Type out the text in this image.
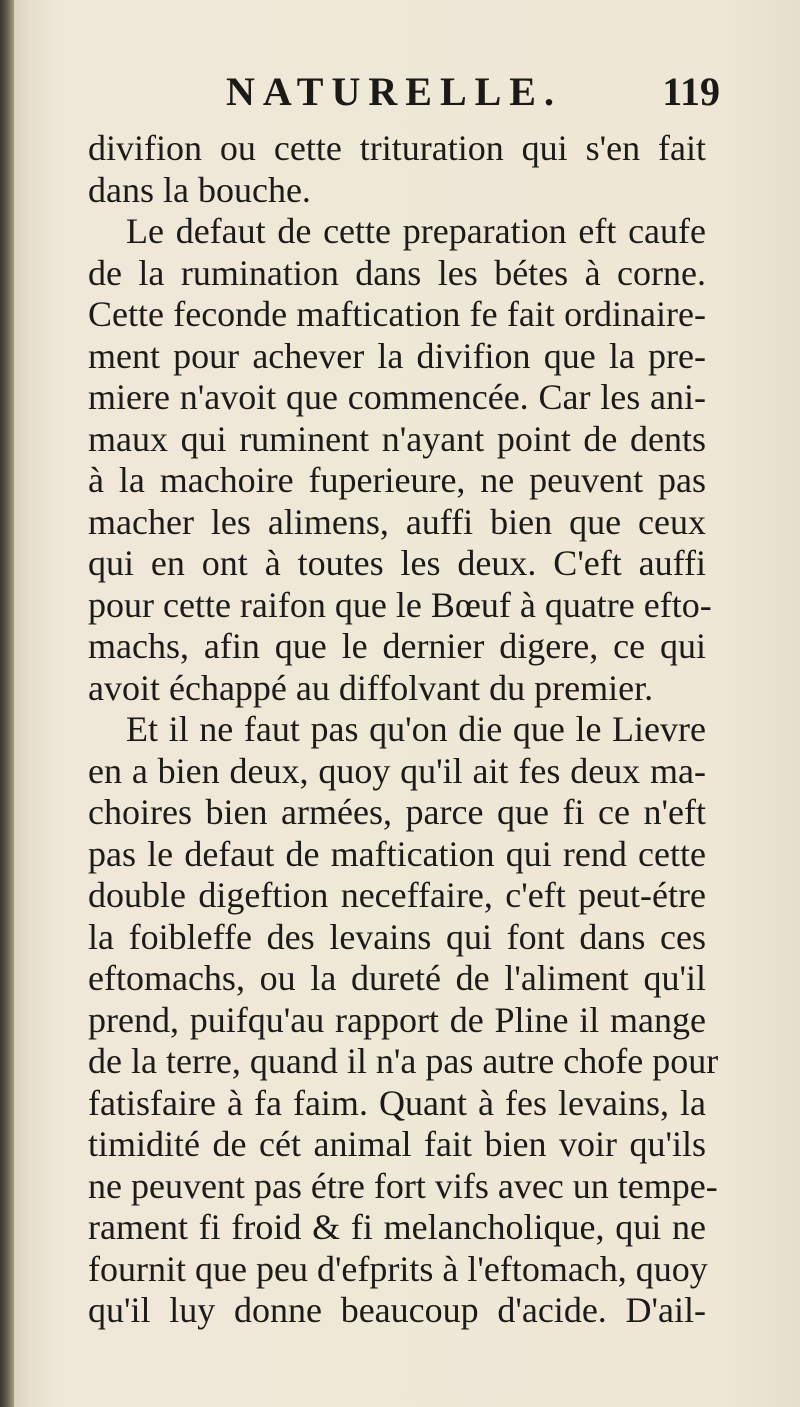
NATURELLE.	119
divifion ou cette trituration qui s'en fait
dans la bouche.
Le defaut de cette preparation eft caufe
de la rumination dans les bétes à corne.
Cette feconde maftication fe fait ordinaire-
ment pour achever la divifion que la pre-
miere n'avoit que commencée. Car les ani-
maux qui ruminent n'ayant point de dents
à la machoire fuperieure, ne peuvent pas
macher les alimens, auffi bien que ceux
qui en ont à toutes les deux. C'eft auffi
pour cette raifon que le Bœuf à quatre efto-
machs, afin que le dernier digere, ce qui
avoit échappé au diffolvant du premier.
Et il ne faut pas qu'on die que le Lievre
en a bien deux, quoy qu'il ait fes deux ma-
choires bien armées, parce que fi ce n'eft
pas le defaut de maftication qui rend cette
double digeftion neceffaire, c'eft peut-étre
la foibleffe des levains qui font dans ces
eftomachs, ou la dureté de l'aliment qu'il
prend, puifqu'au rapport de Pline il mange
de la terre, quand il n'a pas autre chofe pour
fatisfaire à fa faim. Quant à fes levains, la
timidité de cét animal fait bien voir qu'ils
ne peuvent pas étre fort vifs avec un tempe-
rament fi froid & fi melancholique, qui ne
fournit que peu d'efprits à l'eftomach, quoy
qu'il luy donne beaucoup d'acide. D'ail-
